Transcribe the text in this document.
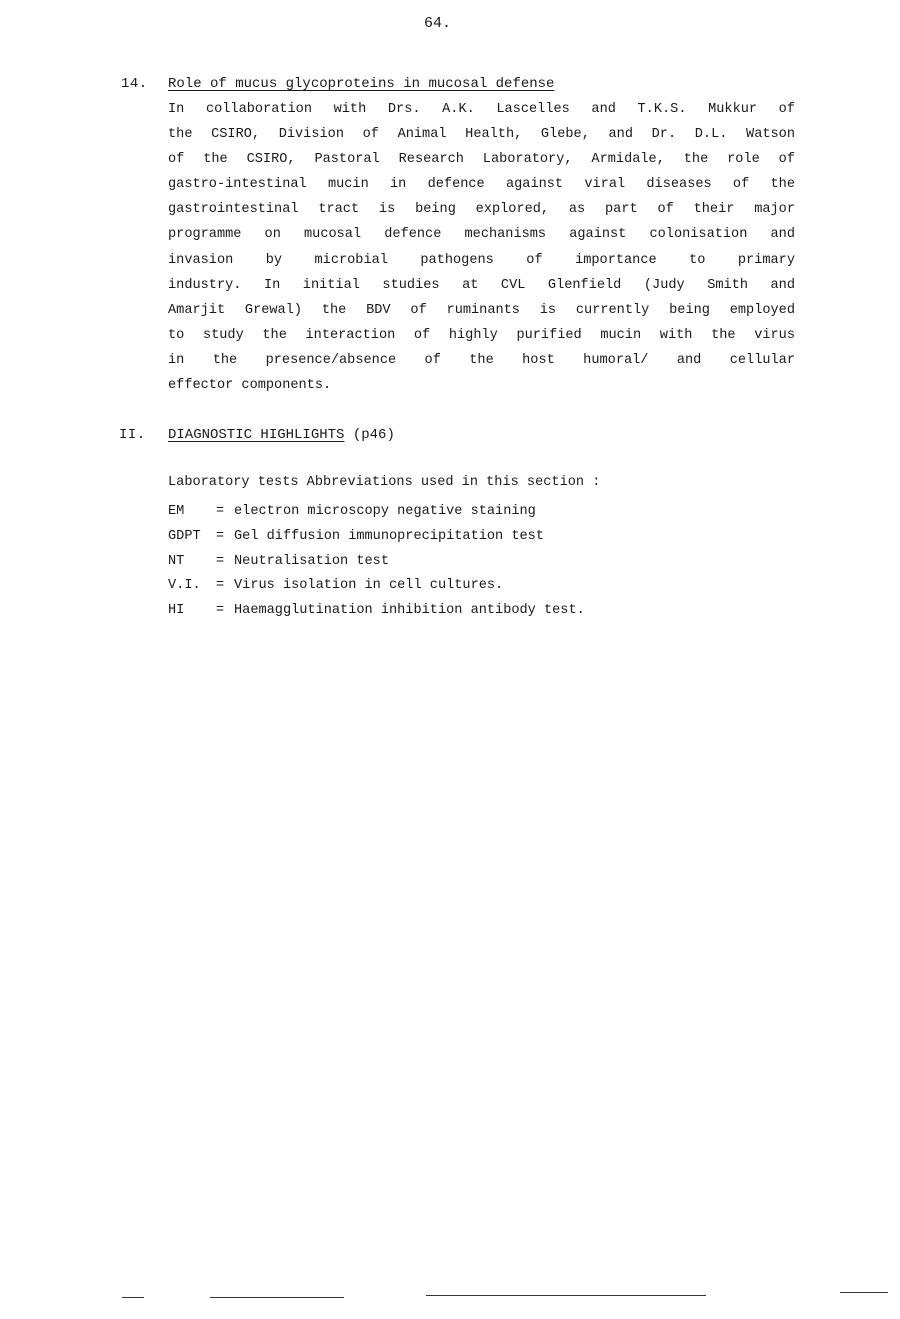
64.
14. Role of mucus glycoproteins in mucosal defense
In collaboration with Drs. A.K. Lascelles and T.K.S. Mukkur of
the CSIRO, Division of Animal Health, Glebe, and Dr. D.L. Watson
of the CSIRO, Pastoral Research Laboratory, Armidale, the role of
gastro-intestinal mucin in defence against viral diseases of the
gastrointestinal tract is being explored, as part of their major
programme on mucosal defence mechanisms against colonisation and
invasion by microbial pathogens of importance to primary
industry. In initial studies at CVL Glenfield (Judy Smith and
Amarjit Grewal) the BDV of ruminants is currently being employed
to study the interaction of highly purified mucin with the virus
in the presence/absence of the host humoral/ and cellular
effector components.
II. DIAGNOSTIC HIGHLIGHTS (p46)
Laboratory tests Abbreviations used in this section :
EM = electron microscopy negative staining
GDPT = Gel diffusion immunoprecipitation test
NT = Neutralisation test
V.I. = Virus isolation in cell cultures.
HI = Haemagglutination inhibition antibody test.
